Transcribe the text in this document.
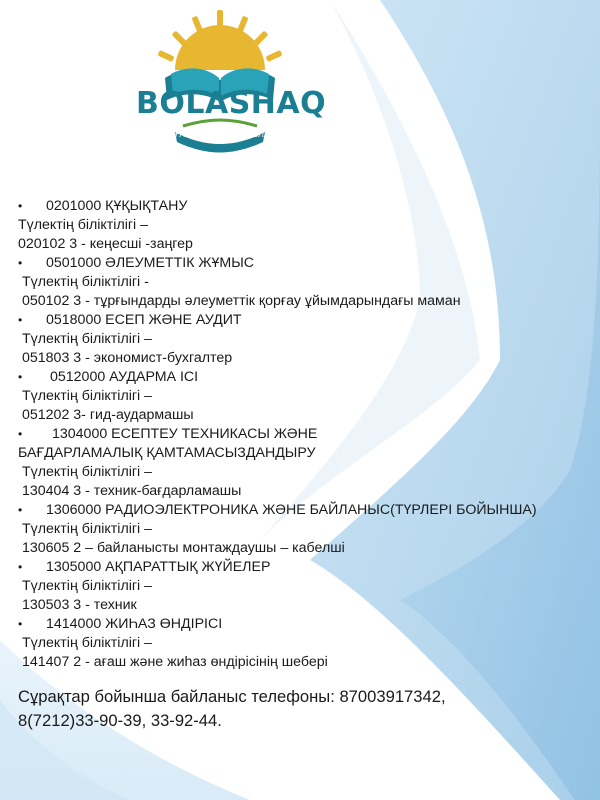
BOLASHAQ
ҚАРАҒАНДЫ ЖОҒАРҒЫ КОЛЛЕДЖІ
•	0201000 ҚҰҚЫҚТАНУ
Түлектің біліктілігі –
020102 3 - кеңесші -заңгер
•	0501000 ӘЛЕУМЕТТІК ЖҰМЫС
Түлектің біліктілігі -
050102 3 - тұрғындарды әлеуметтік қорғау ұйымдарындағы маман
•	0518000 ЕСЕП ЖӘНЕ АУДИТ
Түлектің біліктілігі –
051803 3 - экономист-бухгалтер
•	0512000 АУДАРМА ІСІ
Түлектің біліктілігі –
051202 3- гид-аудармашы
•	1304000 ЕСЕПТЕУ ТЕХНИКАСЫ ЖӘНЕ
БАҒДАРЛАМАЛЫҚ ҚАМТАМАСЫЗДАНДЫРУ
Түлектің біліктілігі –
130404 3 - техник-бағдарламашы
•	1306000 РАДИОЭЛЕКТРОНИКА ЖӘНЕ БАЙЛАНЫС(ТҮРЛЕРІ БОЙЫНША)
Түлектің біліктілігі –
130605 2 – байланысты монтаждаушы – кабелші
•	1305000 АҚПАРАТТЫҚ ЖҮЙЕЛЕР
Түлектің біліктілігі –
130503 3 - техник
•	1414000 ЖИҺАЗ ӨНДІРІСІ
Түлектің біліктілігі –
141407 2 - ағаш және жиһаз өндірісінің шебері
Сұрақтар бойынша байланыс телефоны: 87003917342,
8(7212)33-90-39, 33-92-44.
